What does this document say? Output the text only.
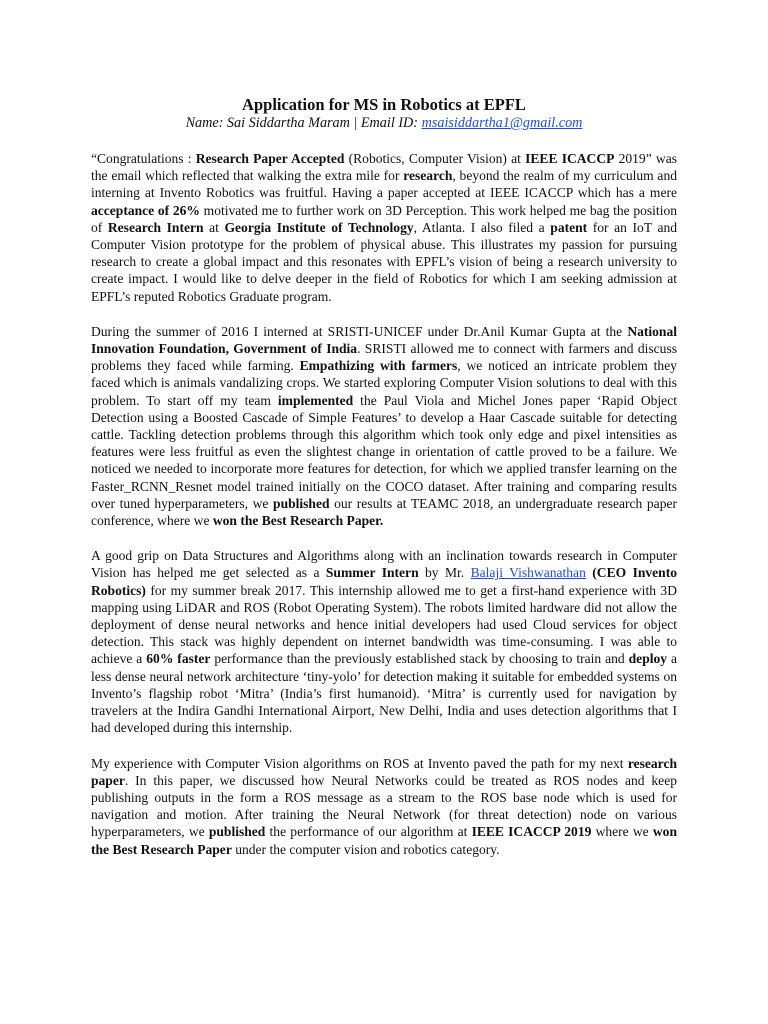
Application for MS in Robotics at EPFL

Name: Sai Siddartha Maram | Email ID: msaisiddartha1@gmail.com

“Congratulations : Research Paper Accepted (Robotics, Computer Vision) at IEEE ICACCP 2019” was the email which reflected that walking the extra mile for research, beyond the realm of my curriculum and interning at Invento Robotics was fruitful. Having a paper accepted at IEEE ICACCP which has a mere acceptance of 26% motivated me to further work on 3D Perception. This work helped me bag the position of Research Intern at Georgia Institute of Technology, Atlanta. I also filed a patent for an IoT and Computer Vision prototype for the problem of physical abuse. This illustrates my passion for pursuing research to create a global impact and this resonates with EPFL’s vision of being a research university to create impact. I would like to delve deeper in the field of Robotics for which I am seeking admission at EPFL’s reputed Robotics Graduate program.

During the summer of 2016 I interned at SRISTI-UNICEF under Dr.Anil Kumar Gupta at the National Innovation Foundation, Government of India. SRISTI allowed me to connect with farmers and discuss problems they faced while farming. Empathizing with farmers, we noticed an intricate problem they faced which is animals vandalizing crops. We started exploring Computer Vision solutions to deal with this problem. To start off my team implemented the Paul Viola and Michel Jones paper ‘Rapid Object Detection using a Boosted Cascade of Simple Features’ to develop a Haar Cascade suitable for detecting cattle. Tackling detection problems through this algorithm which took only edge and pixel intensities as features were less fruitful as even the slightest change in orientation of cattle proved to be a failure. We noticed we needed to incorporate more features for detection, for which we applied transfer learning on the Faster_RCNN_Resnet model trained initially on the COCO dataset. After training and comparing results over tuned hyperparameters, we published our results at TEAMC 2018, an undergraduate research paper conference, where we won the Best Research Paper.

A good grip on Data Structures and Algorithms along with an inclination towards research in Computer Vision has helped me get selected as a Summer Intern by Mr. Balaji Vishwanathan (CEO Invento Robotics) for my summer break 2017. This internship allowed me to get a first-hand experience with 3D mapping using LiDAR and ROS (Robot Operating System). The robots limited hardware did not allow the deployment of dense neural networks and hence initial developers had used Cloud services for object detection. This stack was highly dependent on internet bandwidth was time-consuming. I was able to achieve a 60% faster performance than the previously established stack by choosing to train and deploy a less dense neural network architecture ‘tiny-yolo’ for detection making it suitable for embedded systems on Invento’s flagship robot ‘Mitra’ (India’s first humanoid). ‘Mitra’ is currently used for navigation by travelers at the Indira Gandhi International Airport, New Delhi, India and uses detection algorithms that I had developed during this internship.

My experience with Computer Vision algorithms on ROS at Invento paved the path for my next research paper. In this paper, we discussed how Neural Networks could be treated as ROS nodes and keep publishing outputs in the form a ROS message as a stream to the ROS base node which is used for navigation and motion. After training the Neural Network (for threat detection) node on various hyperparameters, we published the performance of our algorithm at IEEE ICACCP 2019 where we won the Best Research Paper under the computer vision and robotics category.
